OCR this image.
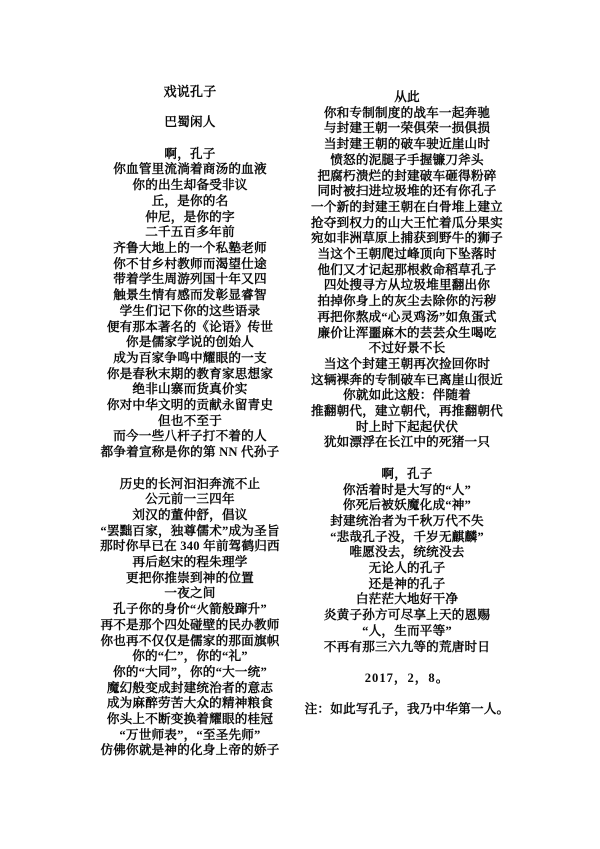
戏说孔子
巴蜀闲人
啊，孔子
你血管里流淌着商汤的血液
你的出生却备受非议
丘，是你的名
仲尼，是你的字
二千五百多年前
齐鲁大地上的一个私塾老师
你不甘乡村教师而渴望仕途
带着学生周游列国十年又四
触景生情有感而发彰显睿智
学生们记下你的这些语录
便有那本著名的《论语》传世
你是儒家学说的创始人
成为百家争鸣中耀眼的一支
你是春秋末期的教育家思想家
绝非山寨而货真价实
你对中华文明的贡献永留青史
但也不至于
而今一些八杆子打不着的人
都争着宣称是你的第 NN 代孙子
历史的长河汩汩奔流不止
公元前一三四年
刘汉的董仲舒，倡议
“罢黜百家，独尊儒术”成为圣旨
那时你早已在 340 年前驾鹤归西
再后赵宋的程朱理学
更把你推崇到神的位置
一夜之间
孔子你的身价“火箭般蹿升”
再不是那个四处碰壁的民办教师
你也再不仅仅是儒家的那面旗帜
你的“仁”，你的“礼”
你的“大同”，你的“大一统”
魔幻般变成封建统治者的意志
成为麻醉劳苦大众的精神粮食
你头上不断变换着耀眼的桂冠
“万世师表”，“至圣先师”
仿佛你就是神的化身上帝的娇子
从此
你和专制制度的战车一起奔驰
与封建王朝一荣俱荣一损俱损
当封建王朝的破车驶近崖山时
愤怒的泥腿子手握镰刀斧头
把腐朽溃烂的封建破车砸得粉碎
同时被扫进垃圾堆的还有你孔子
一个新的封建王朝在白骨堆上建立
抢夺到权力的山大王忙着瓜分果实
宛如非洲草原上捕获到野牛的狮子
当这个王朝爬过峰顶向下坠落时
他们又才记起那根救命稻草孔子
四处搜寻方从垃圾堆里翻出你
拍掉你身上的灰尘去除你的污秽
再把你熬成“心灵鸡汤”如魚蛋式
廉价让浑噩麻木的芸芸众生喝吃
不过好景不长
当这个封建王朝再次捡回你时
这辆裸奔的专制破车已离崖山很近
你就如此这般：伴随着
推翻朝代，建立朝代，再推翻朝代
时上时下起起伏伏
犹如漂浮在长江中的死猪一只
啊，孔子
你活着时是大写的“人”
你死后被妖魔化成“神”
封建统治者为千秋万代不失
“悲哉孔子没，千岁无麒麟”
唯愿没去，统统没去
无论人的孔子
还是神的孔子
白茫茫大地好干净
炎黄子孙方可尽享上天的恩赐
“人，生而平等”
不再有那三六九等的荒唐时日
2017，2，8。
注：如此写孔子，我乃中华第一人。
